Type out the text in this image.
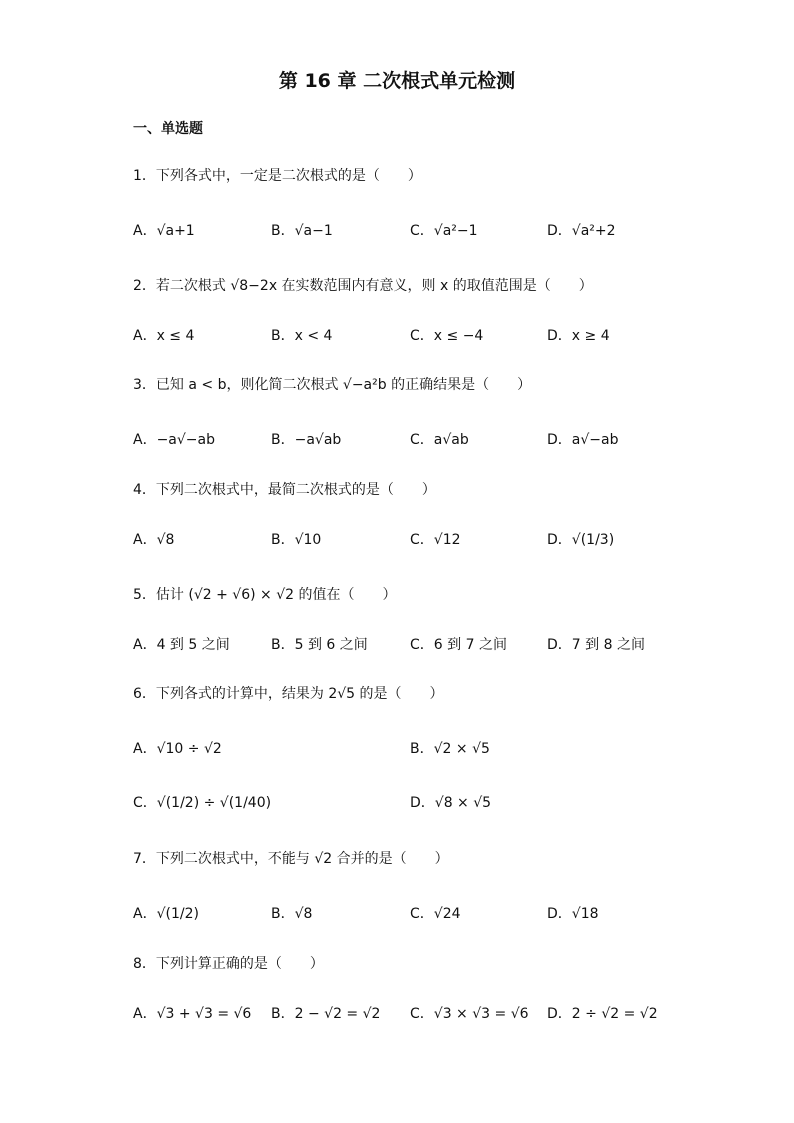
第 16 章 二次根式单元检测
一、单选题
1．下列各式中，一定是二次根式的是（　　）
A．√a+1	B．√a−1	C．√a²−1	D．√a²+2
2．若二次根式 √8−2x 在实数范围内有意义，则 x 的取值范围是（　　）
A．x ≤ 4	B．x < 4	C．x ≤ −4	D．x ≥ 4
3．已知 a < b，则化简二次根式 √−a²b 的正确结果是（　　）
A．−a√−ab	B．−a√ab	C．a√ab	D．a√−ab
4．下列二次根式中，最简二次根式的是（　　）
A．√8	B．√10	C．√12	D．√(1/3)
5．估计 (√2 + √6) × √2 的值在（　　）
A．4 到 5 之间	B．5 到 6 之间	C．6 到 7 之间	D．7 到 8 之间
6．下列各式的计算中，结果为 2√5 的是（　　）
A．√10 ÷ √2	B．√2 × √5
C．√(1/2) ÷ √(1/40)	D．√8 × √5
7．下列二次根式中，不能与 √2 合并的是（　　）
A．√(1/2)	B．√8	C．√24	D．√18
8．下列计算正确的是（　　）
A．√3 + √3 = √6 B．2 − √2 = √2 C．√3 × √3 = √6 D．2 ÷ √2 = √2
